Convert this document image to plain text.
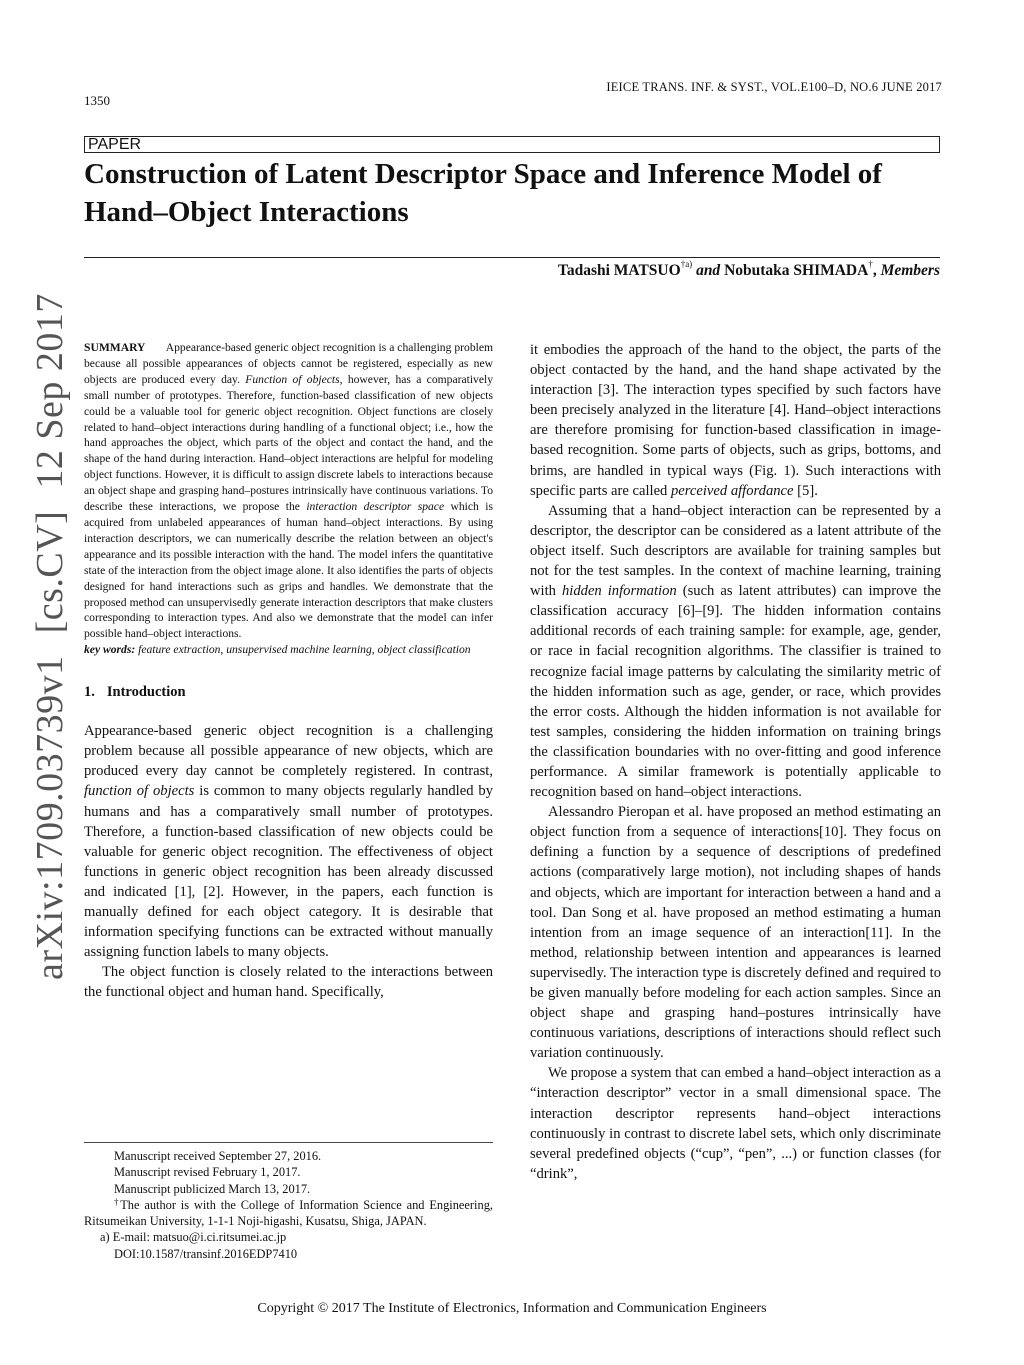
1350
IEICE TRANS. INF. & SYST., VOL.E100–D, NO.6 JUNE 2017
PAPER
Construction of Latent Descriptor Space and Inference Model of Hand–Object Interactions
Tadashi MATSUO$^{\dagger a)}$ and Nobutaka SHIMADA†, Members
arXiv:1709.03739v1[cs.CV]12 Sep 2017 SUMMARY Appearance-based generic object recognition is a challenging problem because all possible appearances of objects cannot be registered, especially as new objects are produced every day. Function of objects, however, has a comparatively small number of prototypes. Therefore, function-based classification of new objects could be a valuable tool for generic object recognition. Object functions are closely related to hand–object interactions during handling of a functional object; i.e., how the hand approaches the object, which parts of the object and contact the hand, and the shape of the hand during interaction. Hand–object interactions are helpful for modeling object functions. However, it is difficult to assign discrete labels to interactions because an object shape and grasping hand–postures intrinsically have continuous variations. To describe these interactions, we propose the interaction descriptor space which is acquired from unlabeled appearances of human hand–object interactions. By using interaction descriptors, we can numerically describe the relation between an object's appearance and its possible interaction with the hand. The model infers the quantitative state of the interaction from the object image alone. It also identifies the parts of objects designed for hand interactions such as grips and handles. We demonstrate that the proposed method can unsupervisedly generate interaction descriptors that make clusters corresponding to interaction types. And also we demonstrate that the model can infer possible hand–object interactions.
key words: feature extraction, unsupervised machine learning, object classification
1. Introduction

Appearance-based generic object recognition is a challenging problem because all possible appearance of new objects, which are produced every day cannot be completely registered. In contrast, function of objects is common to many objects regularly handled by humans and has a comparatively small number of prototypes. Therefore, a function-based classification of new objects could be valuable for generic object recognition. The effectiveness of object functions in generic object recognition has been already discussed and indicated [1], [2]. However, in the papers, each function is manually defined for each object category. It is desirable that information specifying functions can be extracted without manually assigning function labels to many objects.

The object function is closely related to the interactions between the functional object and human hand. Specifically,

Manuscript received September 27, 2016.

Manuscript revised February 1, 2017.

Manuscript publicized March 13, 2017.

†The author is with the College of Information Science and Engineering, Ritsumeikan University, 1-1-1 Noji-higashi, Kusatsu, Shiga, JAPAN.

a) E-mail: matsuo@i.ci.ritsumei.ac.jp

DOI:10.1587/transinf.2016EDP7410

it embodies the approach of the hand to the object, the parts of the object contacted by the hand, and the hand shape activated by the interaction [3]. The interaction types specified by such factors have been precisely analyzed in the literature [4]. Hand–object interactions are therefore promising for function-based classification in image-based recognition. Some parts of objects, such as grips, bottoms, and brims, are handled in typical ways (Fig. 1). Such interactions with specific parts are called perceived affordance [5].

Assuming that a hand–object interaction can be represented by a descriptor, the descriptor can be considered as a latent attribute of the object itself. Such descriptors are available for training samples but not for the test samples. In the context of machine learning, training with hidden information (such as latent attributes) can improve the classification accuracy [6]–[9]. The hidden information contains additional records of each training sample: for example, age, gender, or race in facial recognition algorithms. The classifier is trained to recognize facial image patterns by calculating the similarity metric of the hidden information such as age, gender, or race, which provides the error costs. Although the hidden information is not available for test samples, considering the hidden information on training brings the classification boundaries with no over-fitting and good inference performance. A similar framework is potentially applicable to recognition based on hand–object interactions.

Alessandro Pieropan et al. have proposed an method estimating an object function from a sequence of interactions[10]. They focus on defining a function by a sequence of descriptions of predefined actions (comparatively large motion), not including shapes of hands and objects, which are important for interaction between a hand and a tool. Dan Song et al. have proposed an method estimating a human intention from an image sequence of an interaction[11]. In the method, relationship between intention and appearances is learned supervisedly. The interaction type is discretely defined and required to be given manually before modeling for each action samples. Since an object shape and grasping hand–postures intrinsically have continuous variations, descriptions of interactions should reflect such variation continuously.

We propose a system that can embed a hand–object interaction as a “interaction descriptor” vector in a small dimensional space. The interaction descriptor represents hand–object interactions continuously in contrast to discrete label sets, which only discriminate several predefined objects (“cup”, “pen”, ...) or function classes (for “drink”,

Copyright © 2017 The Institute of Electronics, Information and Communication Engineers
